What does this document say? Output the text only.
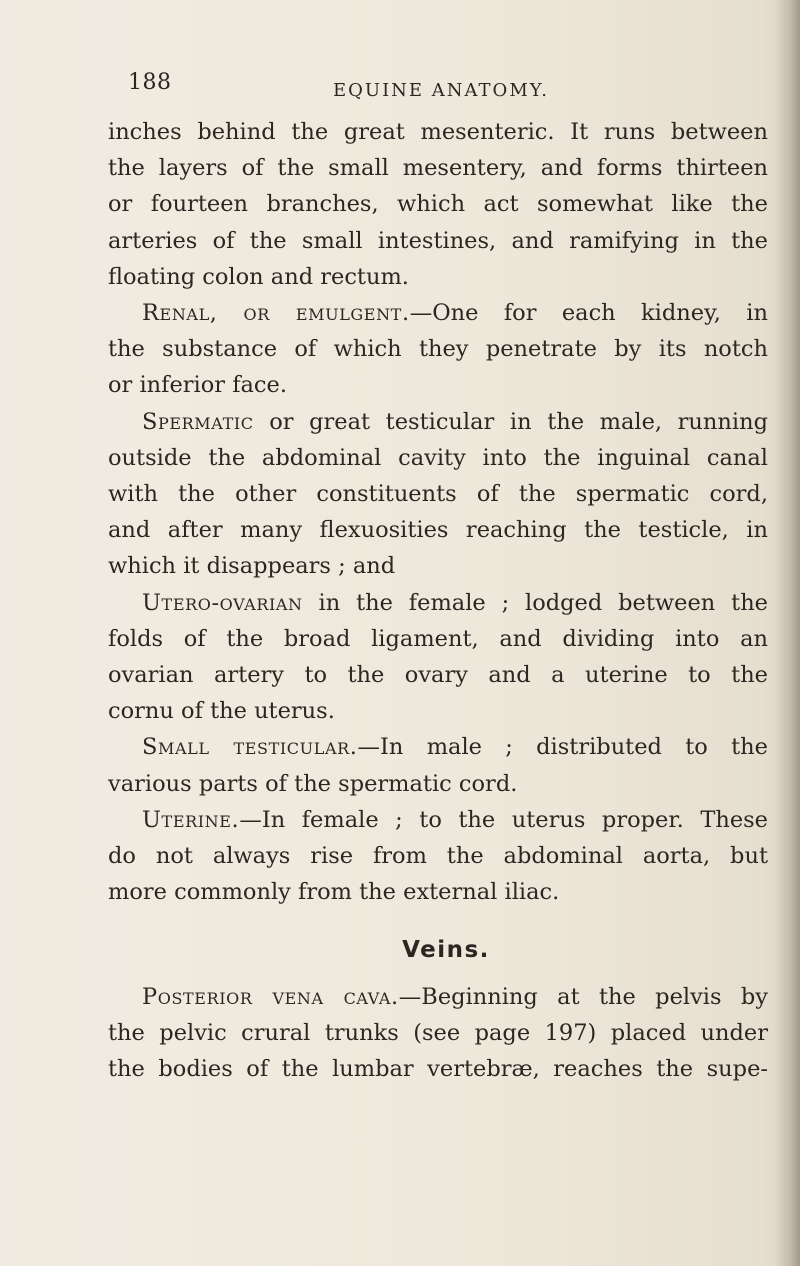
188	EQUINE ANATOMY.
inches behind the great mesenteric. It runs between
the layers of the small mesentery, and forms thirteen
or fourteen branches, which act somewhat like the
arteries of the small intestines, and ramifying in the
floating colon and rectum.
Renal, or emulgent.—One for each kidney, in
the substance of which they penetrate by its notch
or inferior face.
Spermatic or great testicular in the male, running
outside the abdominal cavity into the inguinal canal
with the other constituents of the spermatic cord,
and after many flexuosities reaching the testicle, in
which it disappears ; and
Utero-ovarian in the female ; lodged between the
folds of the broad ligament, and dividing into an
ovarian artery to the ovary and a uterine to the
cornu of the uterus.
Small testicular.—In male ; distributed to the
various parts of the spermatic cord.
Uterine.—In female ; to the uterus proper. These
do not always rise from the abdominal aorta, but
more commonly from the external iliac.
Veins.
Posterior vena cava.—Beginning at the pelvis by
the pelvic crural trunks (see page 197) placed under
the bodies of the lumbar vertebræ, reaches the supe-
